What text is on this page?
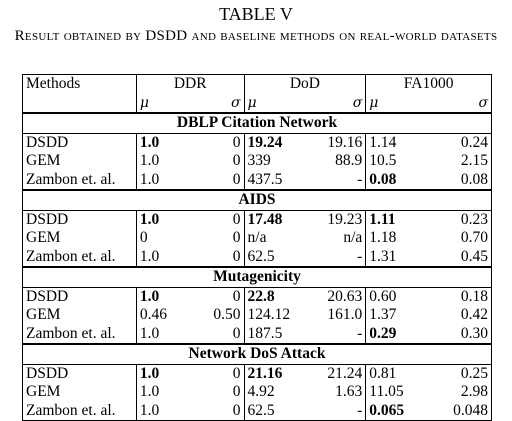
TABLE V
Result obtained by DSDD and baseline methods on real-world datasets
Methods	DDR		DoD		FA1000	
	μ	σ	μ	σ	μ	σ
DBLP Citation Network						
DSDD	1.0	0	19.24	19.16	1.14	0.24
GEM	1.0	0	339	88.9	10.5	2.15
Zambon et. al.	1.0	0	437.5	-	0.08	0.08
AIDS						
DSDD	1.0	0	17.48	19.23	1.11	0.23
GEM	0	0	n/a	n/a	1.18	0.70
Zambon et. al.	1.0	0	62.5	-	1.31	0.45
Mutagenicity						
DSDD	1.0	0	22.8	20.63	0.60	0.18
GEM	0.46	0.50	124.12	161.0	1.37	0.42
Zambon et. al.	1.0	0	187.5	-	0.29	0.30
Network DoS Attack						
DSDD	1.0	0	21.16	21.24	0.81	0.25
GEM	1.0	0	4.92	1.63	11.05	2.98
Zambon et. al.	1.0	0	62.5	-	0.065	0.048
